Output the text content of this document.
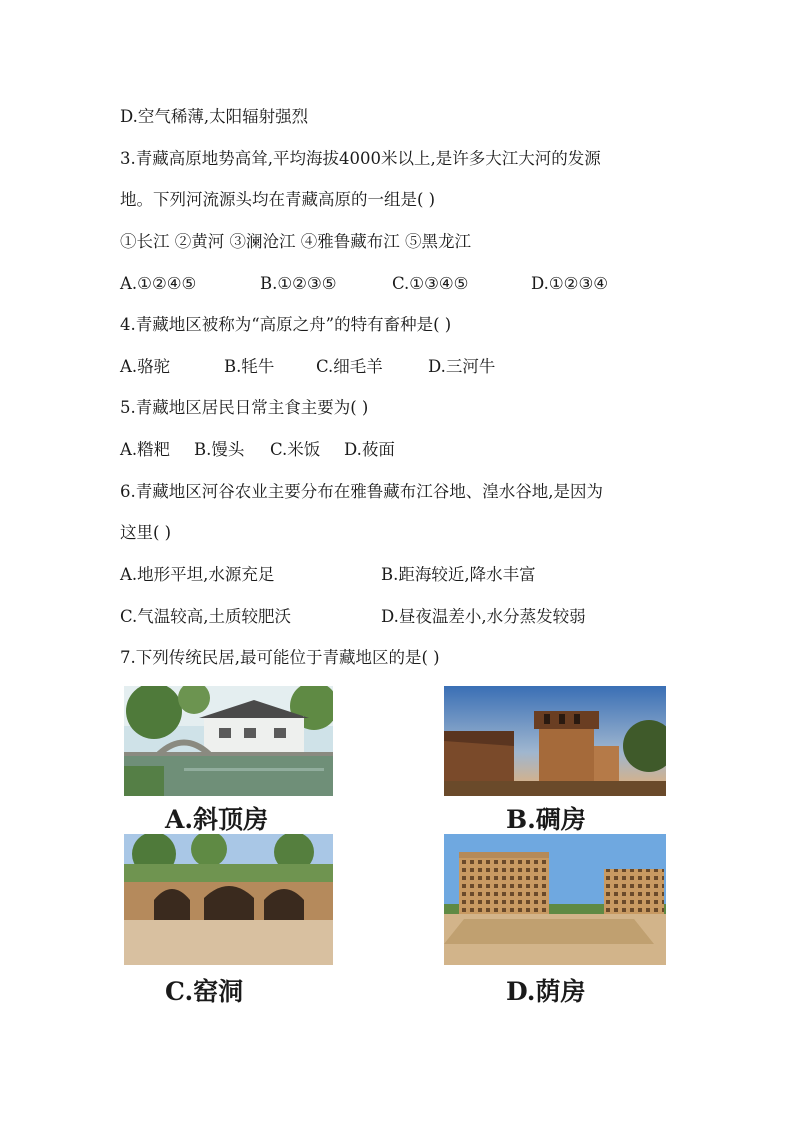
D.空气稀薄,太阳辐射强烈
3.青藏高原地势高耸,平均海拔4000米以上,是许多大江大河的发源
地。下列河流源头均在青藏高原的一组是( )
①长江 ②黄河 ③澜沧江 ④雅鲁藏布江 ⑤黑龙江
A.①②④⑤	B.①②③⑤	C.①③④⑤	D.①②③④
4.青藏地区被称为“高原之舟”的特有畜种是( )
A.骆驼	B.牦牛	C.细毛羊	D.三河牛
5.青藏地区居民日常主食主要为( )
A.糌粑 B.馒头 C.米饭 D.莜面
6.青藏地区河谷农业主要分布在雅鲁藏布江谷地、湟水谷地,是因为
这里( )
A.地形平坦,水源充足	B.距海较近,降水丰富
C.气温较高,土质较肥沃	D.昼夜温差小,水分蒸发较弱
7.下列传统民居,最可能位于青藏地区的是( )
A.斜顶房	B.碉房
C.窑洞	D.荫房
